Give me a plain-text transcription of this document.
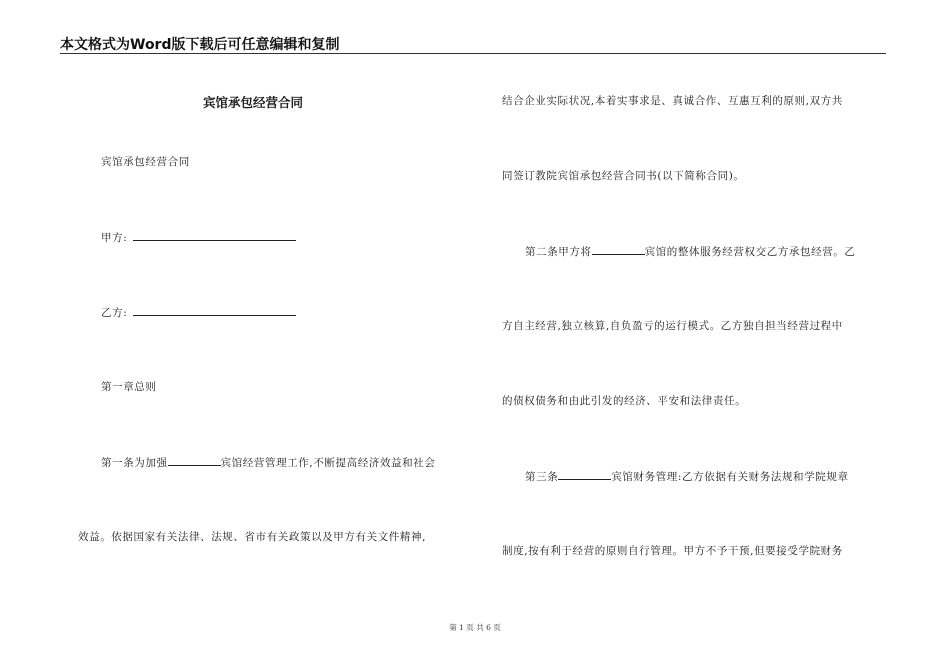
本文格式为Word版下载后可任意编辑和复制
宾馆承包经营合同
宾馆承包经营合同
甲方:
乙方:
第一章总则
第一条为加强	宾馆经营管理工作,不断提高经济效益和社会
效益。依据国家有关法律、法规、省市有关政策以及甲方有关文件精神,
结合企业实际状况,本着实事求是、真诚合作、互惠互利的原则,双方共
同签订教院宾馆承包经营合同书(以下简称合同)。
第二条甲方将	宾馆的整体服务经营权交乙方承包经营。乙
方自主经营,独立核算,自负盈亏的运行模式。乙方独自担当经营过程中
的债权债务和由此引发的经济、平安和法律责任。
第三条	宾馆财务管理:乙方依据有关财务法规和学院规章
制度,按有利于经营的原则自行管理。甲方不予干预,但要接受学院财务
第 1 页 共 6 页
